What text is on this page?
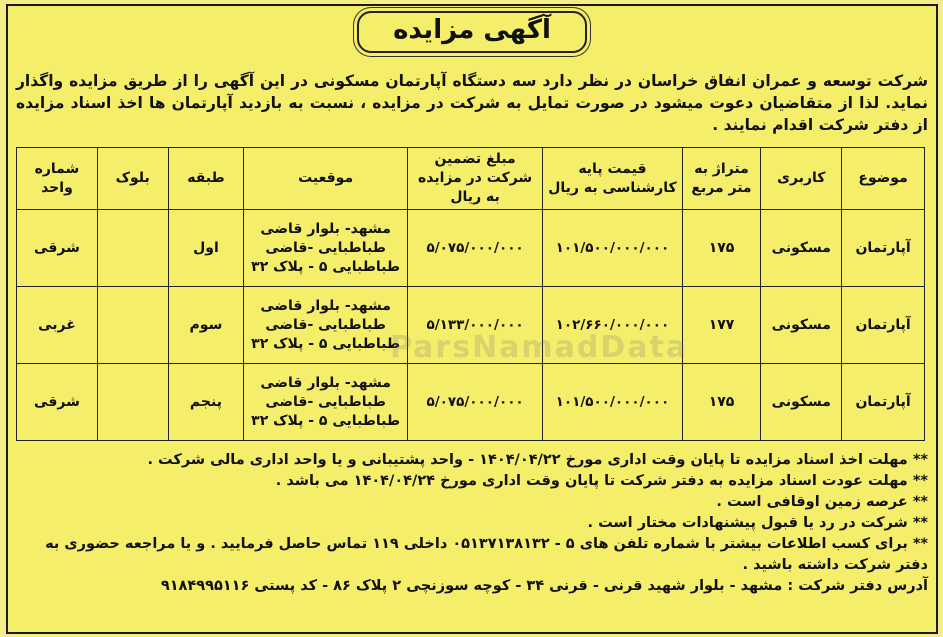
آگهی مزایده
شرکت توسعه و عمران انفاق خراسان در نظر دارد سه دستگاه آپارتمان مسکونی در این آگهی را از طریق مزایده واگذار نماید. لذا از متقاضیان دعوت میشود در صورت تمایل به شرکت در مزایده ، نسبت به بازدید آپارتمان ها اخذ اسناد مزایده از دفتر شرکت اقدام نمایند .
موضوع	کاربری	متراژ به متر مربع	قیمت پایه کارشناسی به ریال	مبلغ تضمین شرکت در مزایده به ریال	موقعیت	طبقه	بلوک	شماره واحد
آپارتمان	مسکونی	۱۷۵	۱۰۱/۵۰۰/۰۰۰/۰۰۰	۵/۰۷۵/۰۰۰/۰۰۰	مشهد- بلوار قاضی طباطبایی -قاضی طباطبایی ۵ - پلاک ۳۲	اول		شرقی
آپارتمان	مسکونی	۱۷۷	۱۰۲/۶۶۰/۰۰۰/۰۰۰	۵/۱۳۳/۰۰۰/۰۰۰	مشهد- بلوار قاضی طباطبایی -قاضی طباطبایی ۵ - پلاک ۳۲	سوم		غربی
آپارتمان	مسکونی	۱۷۵	۱۰۱/۵۰۰/۰۰۰/۰۰۰	۵/۰۷۵/۰۰۰/۰۰۰	مشهد- بلوار قاضی طباطبایی -قاضی طباطبایی ۵ - پلاک ۳۲	پنجم		شرقی
ParsNamadData

** مهلت اخذ اسناد مزایده تا پایان وقت اداری مورخ ۱۴۰۴/۰۴/۲۲ - واحد پشتیبانی و یا واحد اداری مالی شرکت .

** مهلت عودت اسناد مزایده به دفتر شرکت تا پایان وقت اداری مورخ ۱۴۰۴/۰۴/۲۴ می باشد .

** عرصه زمین اوقافی است .

** شرکت در رد یا قبول پیشنهادات مختار است .

** برای کسب اطلاعات بیشتر با شماره تلفن های ۵ - ۰۵۱۳۷۱۳۸۱۳۲ داخلی ۱۱۹ تماس حاصل فرمایید . و یا مراجعه حضوری به دفتر شرکت داشته باشید .

آدرس دفتر شرکت : مشهد - بلوار شهید قرنی - قرنی ۳۴ - کوچه سوزنچی ۲ پلاک ۸۶ - کد پستی ۹۱۸۴۹۹۵۱۱۶
